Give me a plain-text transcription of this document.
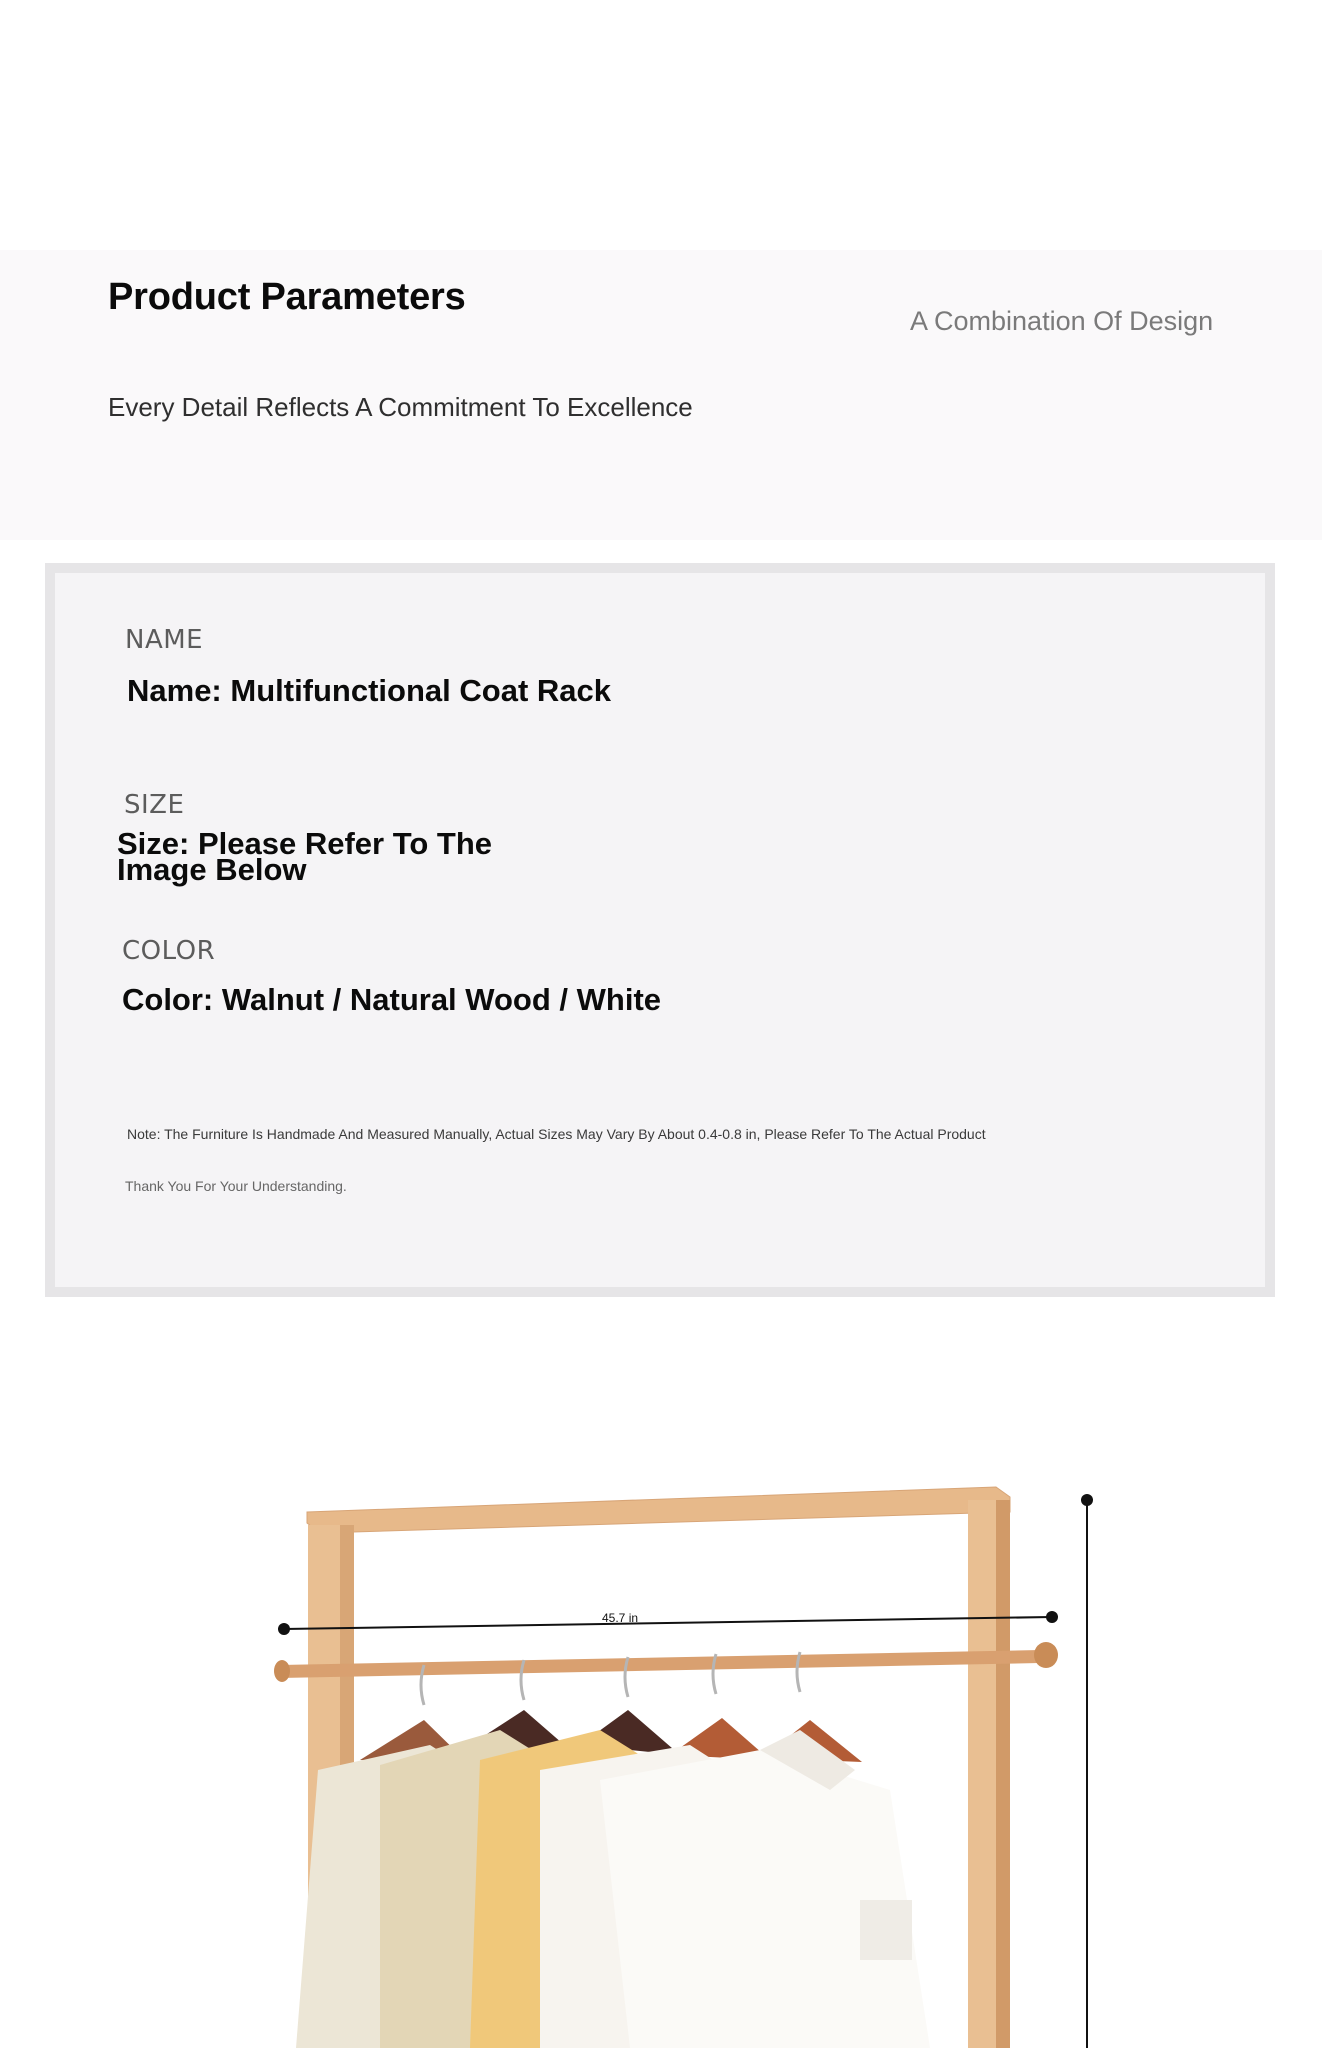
Product Parameters
A Combination Of Design
Every Detail Reflects A Commitment To Excellence
NAME
Name: Multifunctional Coat Rack
SIZE
Size: Please Refer To The
Image Below
COLOR
Color: Walnut / Natural Wood / White
Note: The Furniture Is Handmade And Measured Manually, Actual Sizes May Vary By About 0.4-0.8 in, Please Refer To The Actual Product
Thank You For Your Understanding.
45.7 in
